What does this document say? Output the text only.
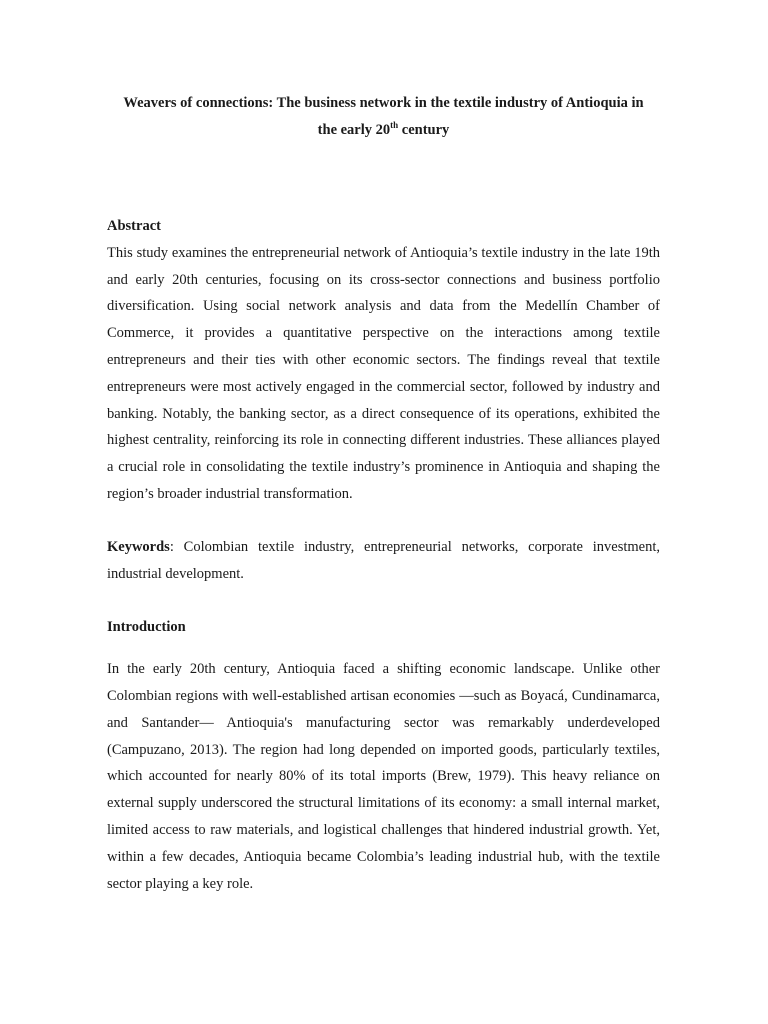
Weavers of connections: The business network in the textile industry of Antioquia in
the early 20th century
Abstract

This study examines the entrepreneurial network of Antioquia’s textile industry in the late 19th and early 20th centuries, focusing on its cross-sector connections and business portfolio diversification. Using social network analysis and data from the Medellín Chamber of Commerce, it provides a quantitative perspective on the interactions among textile entrepreneurs and their ties with other economic sectors. The findings reveal that textile entrepreneurs were most actively engaged in the commercial sector, followed by industry and banking. Notably, the banking sector, as a direct consequence of its operations, exhibited the highest centrality, reinforcing its role in connecting different industries. These alliances played a crucial role in consolidating the textile industry’s prominence in Antioquia and shaping the region’s broader industrial transformation.

Keywords: Colombian textile industry, entrepreneurial networks, corporate investment, industrial development.

Introduction

In the early 20th century, Antioquia faced a shifting economic landscape. Unlike other Colombian regions with well-established artisan economies —such as Boyacá, Cundinamarca, and Santander— Antioquia's manufacturing sector was remarkably underdeveloped (Campuzano, 2013). The region had long depended on imported goods, particularly textiles, which accounted for nearly 80% of its total imports (Brew, 1979). This heavy reliance on external supply underscored the structural limitations of its economy: a small internal market, limited access to raw materials, and logistical challenges that hindered industrial growth. Yet, within a few decades, Antioquia became Colombia’s leading industrial hub, with the textile sector playing a key role.
